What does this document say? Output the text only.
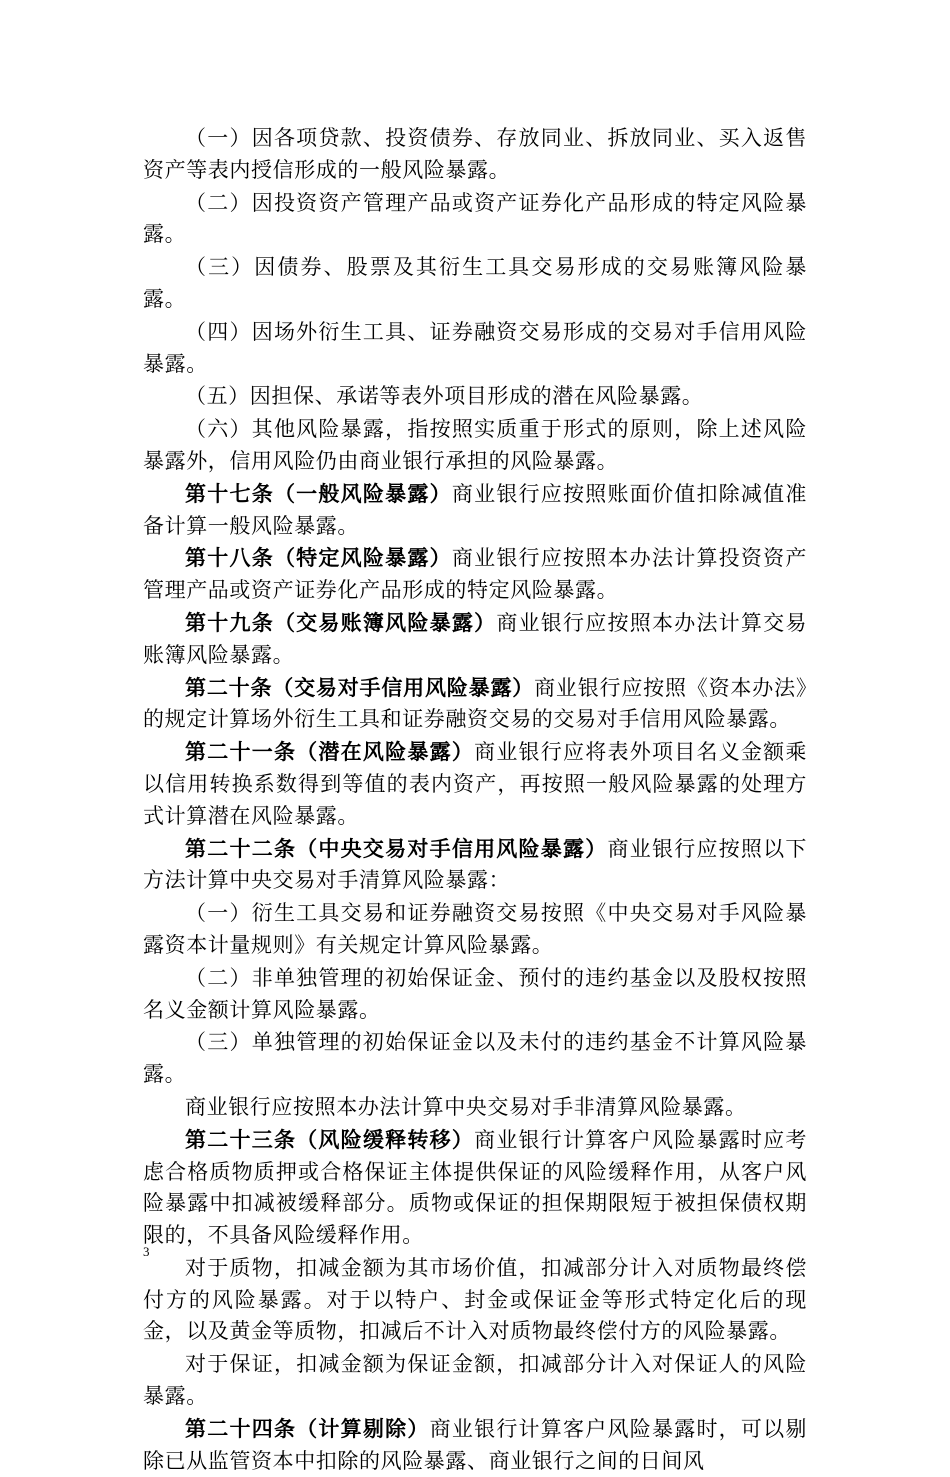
（一）因各项贷款、投资债券、存放同业、拆放同业、买入返售资产等表内授信形成的一般风险暴露。

（二）因投资资产管理产品或资产证券化产品形成的特定风险暴露。

（三）因债券、股票及其衍生工具交易形成的交易账簿风险暴露。

（四）因场外衍生工具、证券融资交易形成的交易对手信用风险暴露。

（五）因担保、承诺等表外项目形成的潜在风险暴露。

（六）其他风险暴露，指按照实质重于形式的原则，除上述风险暴露外，信用风险仍由商业银行承担的风险暴露。

第十七条（一般风险暴露）商业银行应按照账面价值扣除减值准备计算一般风险暴露。

第十八条（特定风险暴露）商业银行应按照本办法计算投资资产管理产品或资产证券化产品形成的特定风险暴露。

第十九条（交易账簿风险暴露）商业银行应按照本办法计算交易账簿风险暴露。

第二十条（交易对手信用风险暴露）商业银行应按照《资本办法》的规定计算场外衍生工具和证券融资交易的交易对手信用风险暴露。

第二十一条（潜在风险暴露）商业银行应将表外项目名义金额乘以信用转换系数得到等值的表内资产，再按照一般风险暴露的处理方式计算潜在风险暴露。

第二十二条（中央交易对手信用风险暴露）商业银行应按照以下方法计算中央交易对手清算风险暴露：

（一）衍生工具交易和证券融资交易按照《中央交易对手风险暴露资本计量规则》有关规定计算风险暴露。

（二）非单独管理的初始保证金、预付的违约基金以及股权按照名义金额计算风险暴露。

（三）单独管理的初始保证金以及未付的违约基金不计算风险暴露。

商业银行应按照本办法计算中央交易对手非清算风险暴露。

第二十三条（风险缓释转移）商业银行计算客户风险暴露时应考虑合格质物质押或合格保证主体提供保证的风险缓释作用，从客户风险暴露中扣减被缓释部分。质物或保证的担保期限短于被担保债权期限的，不具备风险缓释作用。

对于质物，扣减金额为其市场价值，扣减部分计入对质物最终偿付方的风险暴露。对于以特户、封金或保证金等形式特定化后的现金，以及黄金等质物，扣减后不计入对质物最终偿付方的风险暴露。

对于保证，扣减金额为保证金额，扣减部分计入对保证人的风险暴露。

第二十四条（计算剔除）商业银行计算客户风险暴露时，可以剔除已从监管资本中扣除的风险暴露、商业银行之间的日间风

3
